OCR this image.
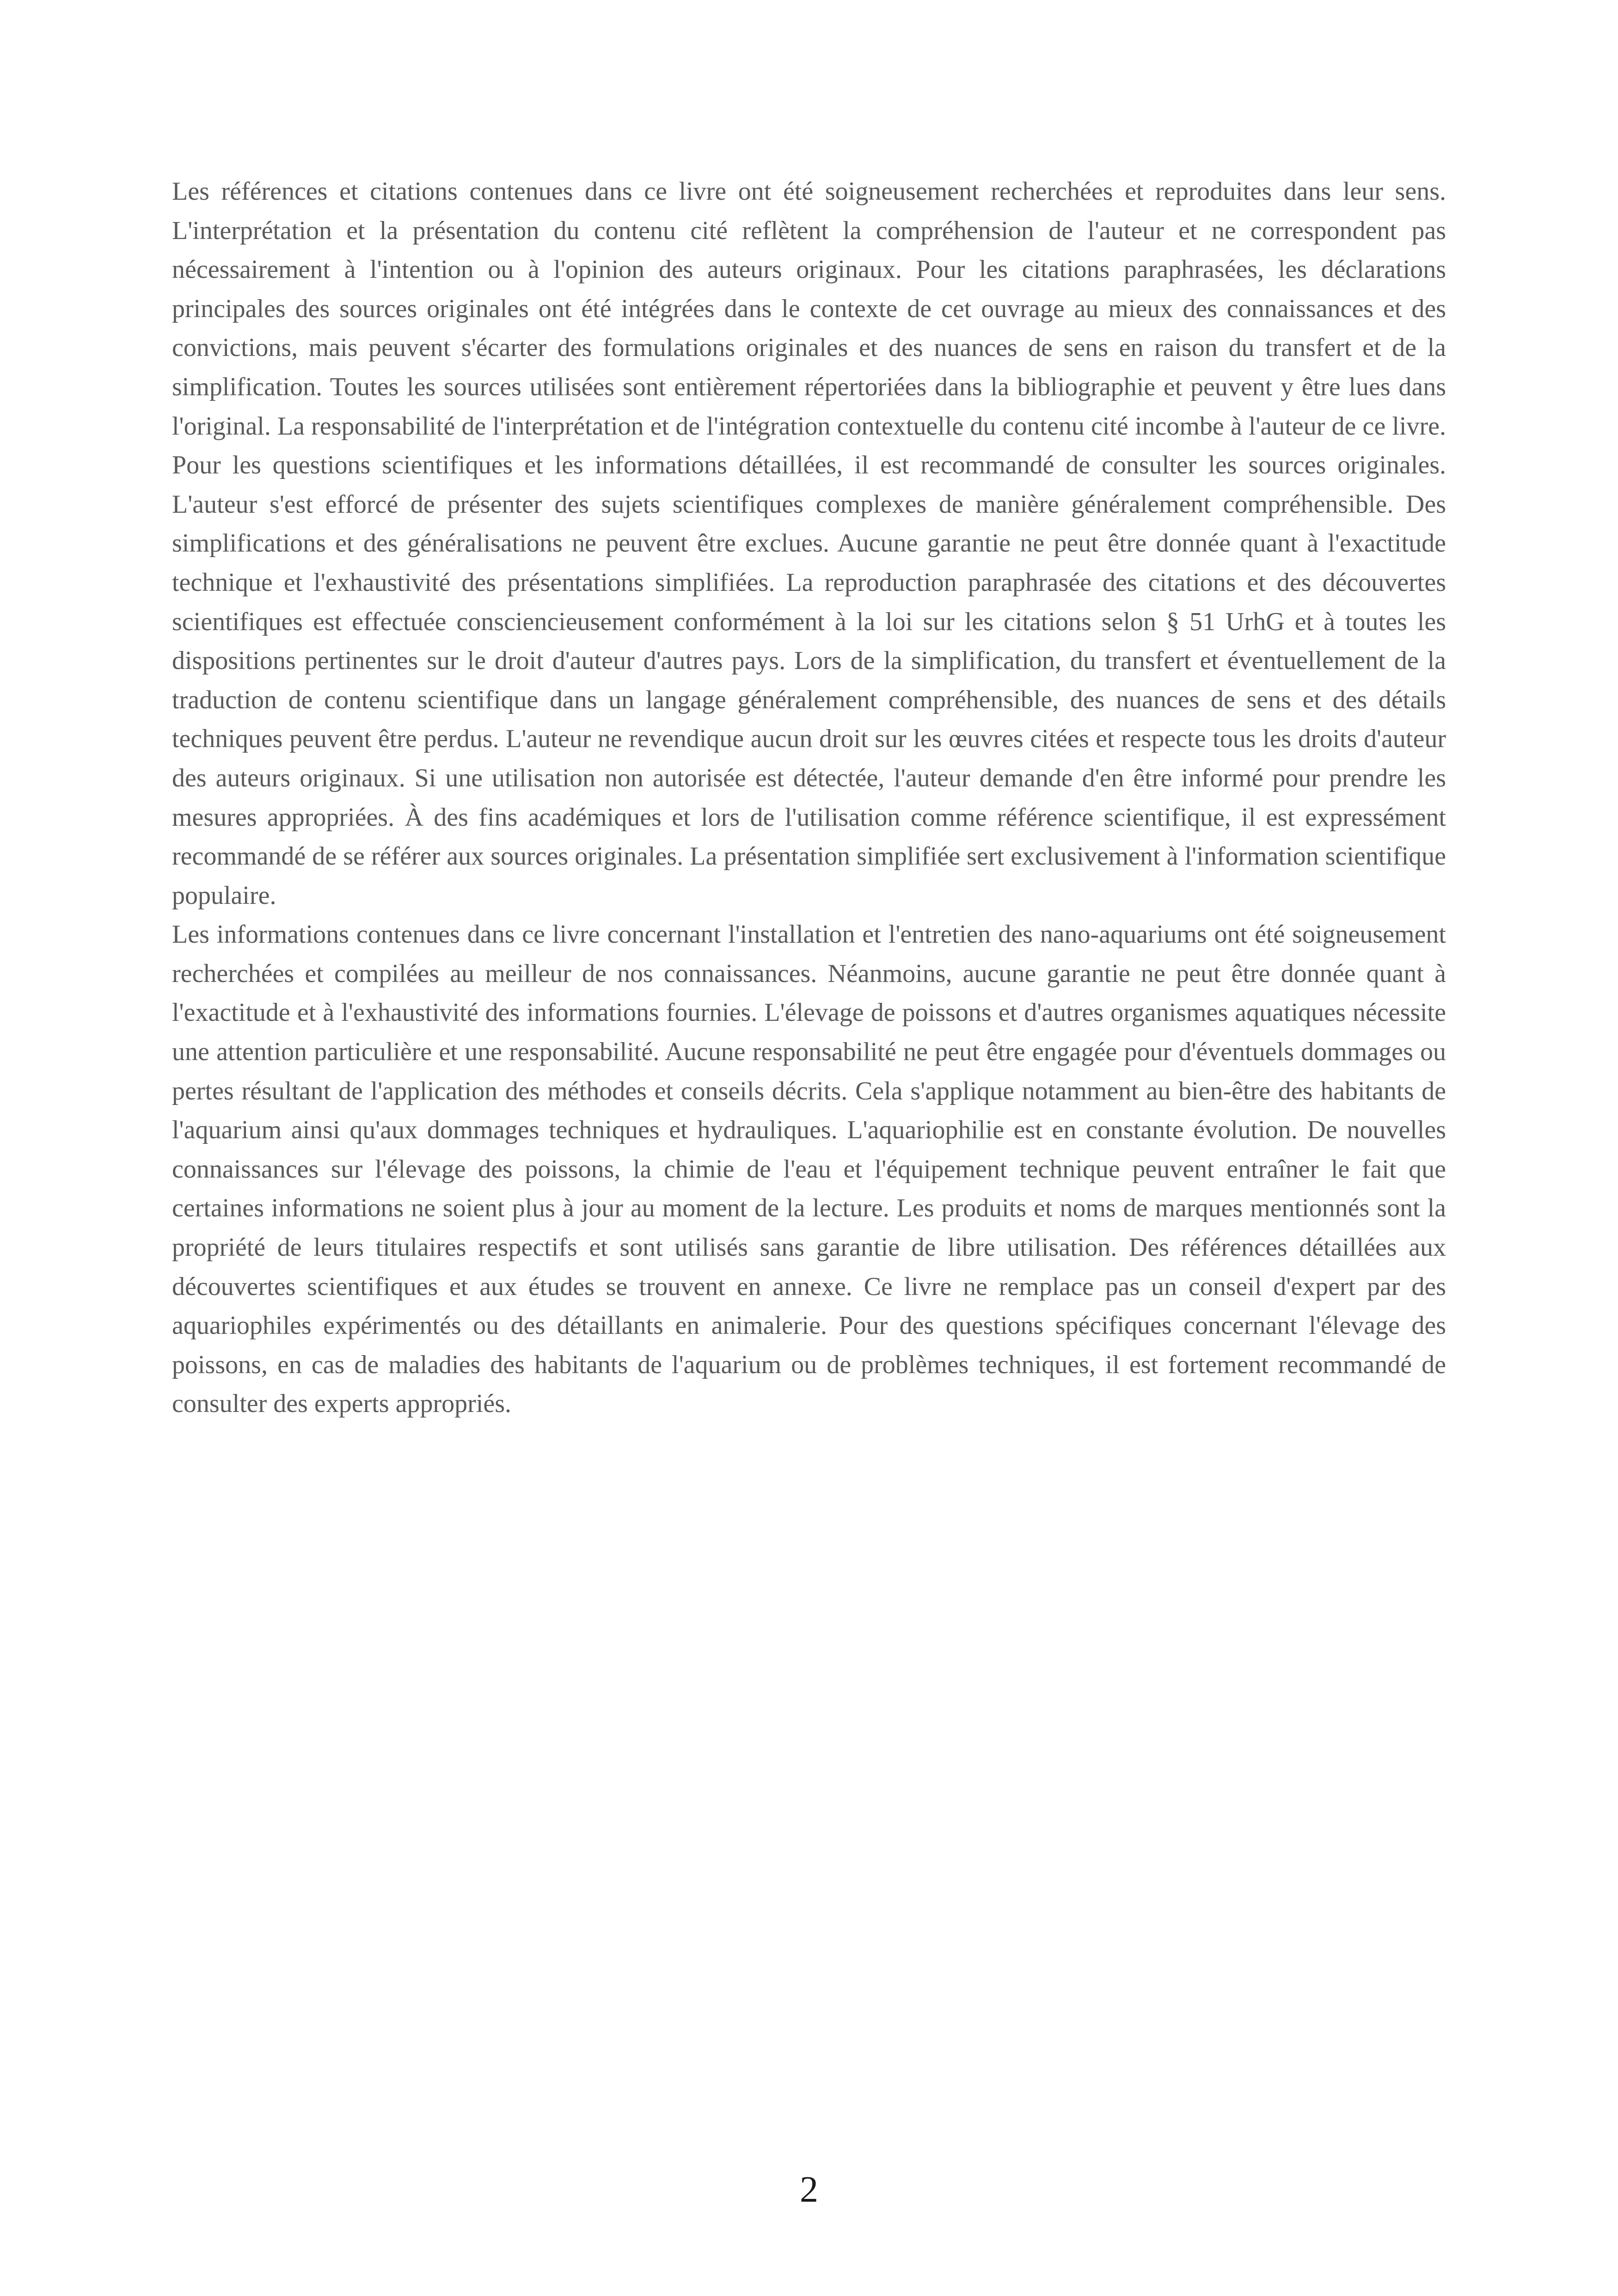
Les références et citations contenues dans ce livre ont été soigneusement recherchées et reproduites dans leur sens. L'interprétation et la présentation du contenu cité reflètent la compréhension de l'auteur et ne correspondent pas nécessairement à l'intention ou à l'opinion des auteurs originaux. Pour les citations paraphrasées, les déclarations principales des sources originales ont été intégrées dans le contexte de cet ouvrage au mieux des connaissances et des convictions, mais peuvent s'écarter des formulations originales et des nuances de sens en raison du transfert et de la simplification. Toutes les sources utilisées sont entièrement répertoriées dans la bibliographie et peuvent y être lues dans l'original. La responsabilité de l'interprétation et de l'intégration contextuelle du contenu cité incombe à l'auteur de ce livre. Pour les questions scientifiques et les informations détaillées, il est recommandé de consulter les sources originales. L'auteur s'est efforcé de présenter des sujets scientifiques complexes de manière généralement compréhensible. Des simplifications et des généralisations ne peuvent être exclues. Aucune garantie ne peut être donnée quant à l'exactitude technique et l'exhaustivité des présentations simplifiées. La reproduction paraphrasée des citations et des découvertes scientifiques est effectuée consciencieusement conformément à la loi sur les citations selon § 51 UrhG et à toutes les dispositions pertinentes sur le droit d'auteur d'autres pays. Lors de la simplification, du transfert et éventuellement de la traduction de contenu scientifique dans un langage généralement compréhensible, des nuances de sens et des détails techniques peuvent être perdus. L'auteur ne revendique aucun droit sur les œuvres citées et respecte tous les droits d'auteur des auteurs originaux. Si une utilisation non autorisée est détectée, l'auteur demande d'en être informé pour prendre les mesures appropriées. À des fins académiques et lors de l'utilisation comme référence scientifique, il est expressément recommandé de se référer aux sources originales. La présentation simplifiée sert exclusivement à l'information scientifique populaire.

Les informations contenues dans ce livre concernant l'installation et l'entretien des nano-aquariums ont été soigneusement recherchées et compilées au meilleur de nos connaissances. Néanmoins, aucune garantie ne peut être donnée quant à l'exactitude et à l'exhaustivité des informations fournies. L'élevage de poissons et d'autres organismes aquatiques nécessite une attention particulière et une responsabilité. Aucune responsabilité ne peut être engagée pour d'éventuels dommages ou pertes résultant de l'application des méthodes et conseils décrits. Cela s'applique notamment au bien-être des habitants de l'aquarium ainsi qu'aux dommages techniques et hydrauliques. L'aquariophilie est en constante évolution. De nouvelles connaissances sur l'élevage des poissons, la chimie de l'eau et l'équipement technique peuvent entraîner le fait que certaines informations ne soient plus à jour au moment de la lecture. Les produits et noms de marques mentionnés sont la propriété de leurs titulaires respectifs et sont utilisés sans garantie de libre utilisation. Des références détaillées aux découvertes scientifiques et aux études se trouvent en annexe. Ce livre ne remplace pas un conseil d'expert par des aquariophiles expérimentés ou des détaillants en animalerie. Pour des questions spécifiques concernant l'élevage des poissons, en cas de maladies des habitants de l'aquarium ou de problèmes techniques, il est fortement recommandé de consulter des experts appropriés.

2
